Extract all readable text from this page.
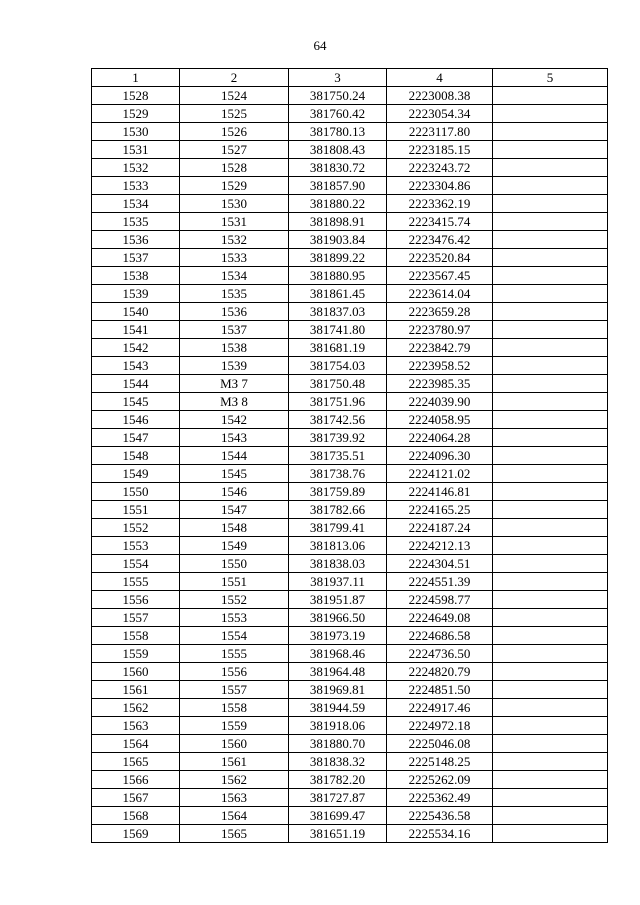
64
1	2	3	4	5
1528	1524	381750.24	2223008.38	
1529	1525	381760.42	2223054.34	
1530	1526	381780.13	2223117.80	
1531	1527	381808.43	2223185.15	
1532	1528	381830.72	2223243.72	
1533	1529	381857.90	2223304.86	
1534	1530	381880.22	2223362.19	
1535	1531	381898.91	2223415.74	
1536	1532	381903.84	2223476.42	
1537	1533	381899.22	2223520.84	
1538	1534	381880.95	2223567.45	
1539	1535	381861.45	2223614.04	
1540	1536	381837.03	2223659.28	
1541	1537	381741.80	2223780.97	
1542	1538	381681.19	2223842.79	
1543	1539	381754.03	2223958.52	
1544	МЗ 7	381750.48	2223985.35	
1545	МЗ 8	381751.96	2224039.90	
1546	1542	381742.56	2224058.95	
1547	1543	381739.92	2224064.28	
1548	1544	381735.51	2224096.30	
1549	1545	381738.76	2224121.02	
1550	1546	381759.89	2224146.81	
1551	1547	381782.66	2224165.25	
1552	1548	381799.41	2224187.24	
1553	1549	381813.06	2224212.13	
1554	1550	381838.03	2224304.51	
1555	1551	381937.11	2224551.39	
1556	1552	381951.87	2224598.77	
1557	1553	381966.50	2224649.08	
1558	1554	381973.19	2224686.58	
1559	1555	381968.46	2224736.50	
1560	1556	381964.48	2224820.79	
1561	1557	381969.81	2224851.50	
1562	1558	381944.59	2224917.46	
1563	1559	381918.06	2224972.18	
1564	1560	381880.70	2225046.08	
1565	1561	381838.32	2225148.25	
1566	1562	381782.20	2225262.09	
1567	1563	381727.87	2225362.49	
1568	1564	381699.47	2225436.58	
1569	1565	381651.19	2225534.16	
